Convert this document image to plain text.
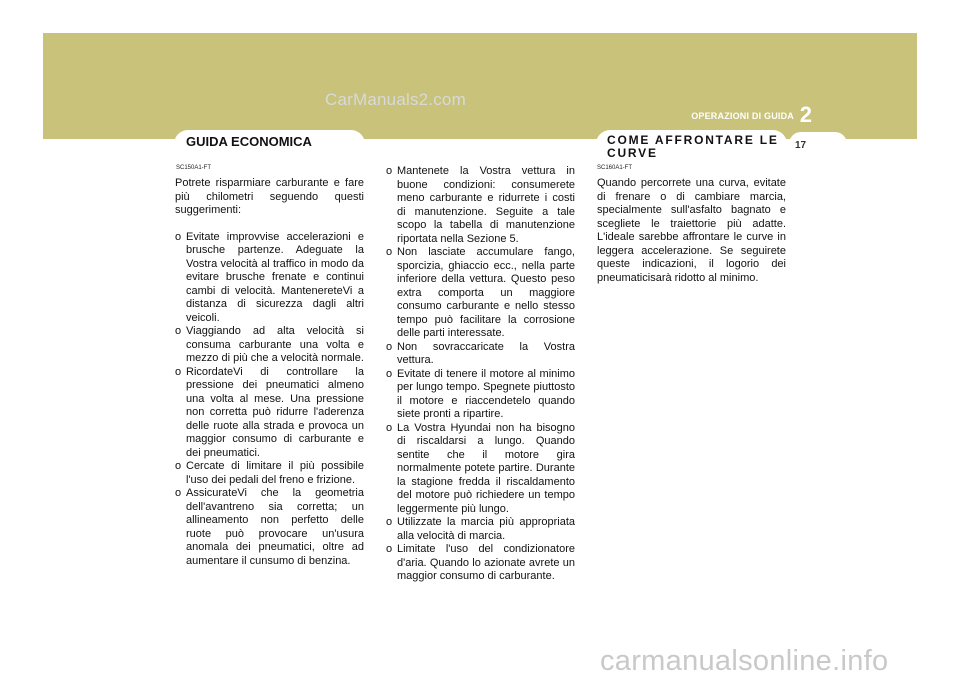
CarManuals2.com
OPERAZIONI DI GUIDA 2
17
GUIDA ECONOMICA	COME AFFRONTARE LE CURVE
SC150A1-FT

Potrete risparmiare carburante e fare più chilometri seguendo questi suggerimenti:

o Evitate improvvise accelerazioni e brusche partenze. Adeguate la Vostra velocità al traffico in modo da evitare brusche frenate e continui cambi di velocità. MantenereteVi a distanza di sicurezza dagli altri veicoli.
o Viaggiando ad alta velocità si consuma carburante una volta e mezzo di più che a velocità normale.
o RicordateVi di controllare la pressione dei pneumatici almeno una volta al mese. Una pressione non corretta può ridurre l'aderenza delle ruote alla strada e provoca un maggior consumo di carburante e dei pneumatici.
o Cercate di limitare il più possibile l'uso dei pedali del freno e frizione.
o AssicurateVi che la geometria dell'avantreno sia corretta; un allineamento non perfetto delle ruote può provocare un'usura anomala dei pneumatici, oltre ad aumentare il cunsumo di benzina.
o Mantenete la Vostra vettura in buone condizioni: consumerete meno carburante e ridurrete i costi di manutenzione. Seguite a tale scopo la tabella di manutenzione riportata nella Sezione 5.
o Non lasciate accumulare fango, sporcizia, ghiaccio ecc., nella parte inferiore della vettura. Questo peso extra comporta un maggiore consumo carburante e nello stesso tempo può facilitare la corrosione delle parti interessate.
o Non sovraccaricate la Vostra vettura.
o Evitate di tenere il motore al minimo per lungo tempo. Spegnete piuttosto il motore e riaccendetelo quando siete pronti a ripartire.
o La Vostra Hyundai non ha bisogno di riscaldarsi a lungo. Quando sentite che il motore gira normalmente potete partire. Durante la stagione fredda il riscaldamento del motore può richiedere un tempo leggermente più lungo.
o Utilizzate la marcia più appropriata alla velocità di marcia.
o Limitate l'uso del condizionatore d'aria. Quando lo azionate avrete un maggior consumo di carburante.
SC160A1-FT

Quando percorrete una curva, evitate di frenare o di cambiare marcia, specialmente sull'asfalto bagnato e scegliete le traiettorie più adatte. L'ideale sarebbe affrontare le curve in leggera accelerazione. Se seguirete queste indicazioni, il logorio dei pneumaticisarà ridotto al minimo.

carmanualsonline.info
